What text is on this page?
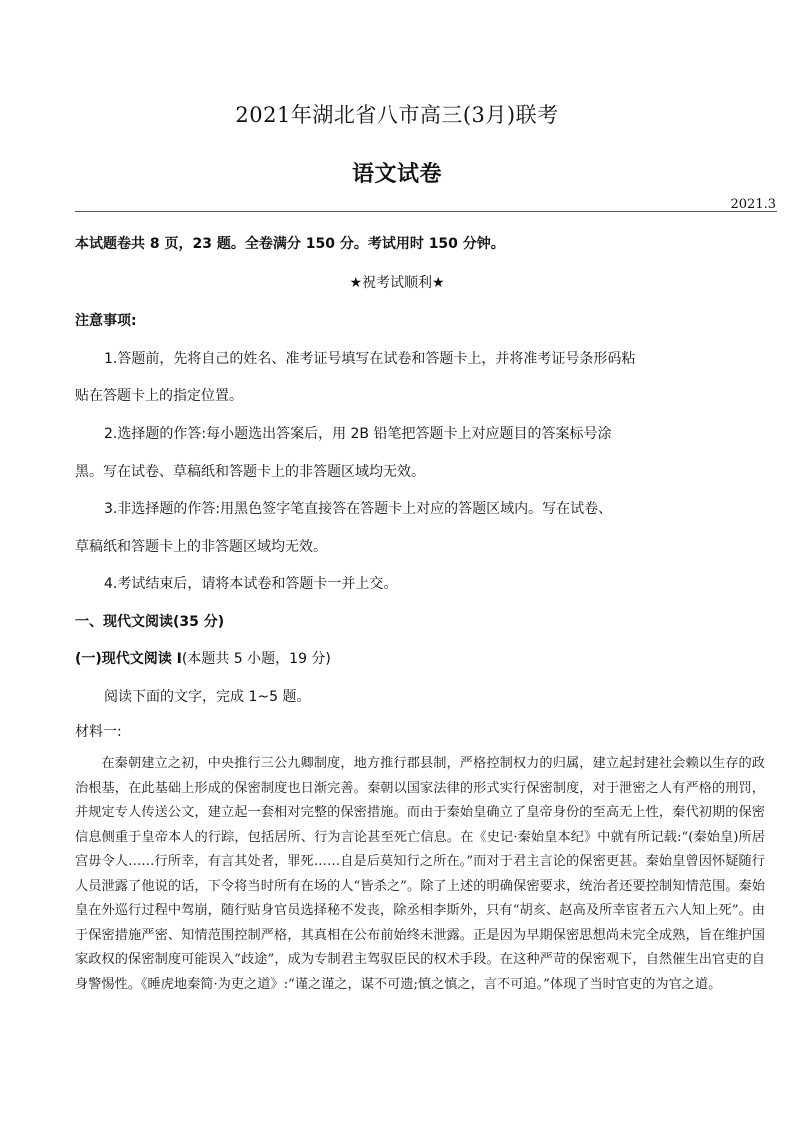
2021年湖北省八市高三(3月)联考
语文试卷
2021.3
本试题卷共 8 页，23 题。全卷满分 150 分。考试用时 150 分钟。
★祝考试顺利★
注意事项:
1.答题前，先将自己的姓名、准考证号填写在试卷和答题卡上，并将准考证号条形码粘
贴在答题卡上的指定位置。
2.选择题的作答:每小题选出答案后，用 2B 铅笔把答题卡上对应题目的答案标号涂
黑。写在试卷、草稿纸和答题卡上的非答题区域均无效。
3.非选择题的作答:用黑色签字笔直接答在答题卡上对应的答题区域内。写在试卷、
草稿纸和答题卡上的非答题区域均无效。
4.考试结束后，请将本试卷和答题卡一并上交。
一、现代文阅读(35 分)
(一)现代文阅读 I(本题共 5 小题，19 分)
阅读下面的文字，完成 1~5 题。
材料一:
在秦朝建立之初，中央推行三公九卿制度，地方推行郡县制，严格控制权力的归属，建立起封建社会赖以生存的政治根基，在此基础上形成的保密制度也日渐完善。秦朝以国家法律的形式实行保密制度，对于泄密之人有严格的刑罚，并规定专人传送公文，建立起一套相对完整的保密措施。而由于秦始皇确立了皇帝身份的至高无上性，秦代初期的保密信息侧重于皇帝本人的行踪，包括居所、行为言论甚至死亡信息。在《史记·秦始皇本纪》中就有所记载:“(秦始皇)所居宫毋令人……行所幸，有言其处者，罪死……自是后莫知行之所在。”而对于君主言论的保密更甚。秦始皇曾因怀疑随行人员泄露了他说的话，下令将当时所有在场的人“皆杀之”。除了上述的明确保密要求，统治者还要控制知情范围。秦始皇在外巡行过程中驾崩，随行贴身官员选择秘不发丧，除丞相李斯外，只有“胡亥、赵高及所幸宦者五六人知上死”。由于保密措施严密、知情范围控制严格，其真相在公布前始终未泄露。正是因为早期保密思想尚未完全成熟，旨在维护国家政权的保密制度可能误入“歧途”，成为专制君主驾驭臣民的权术手段。在这种严苛的保密观下，自然催生出官吏的自身警惕性。《睡虎地秦简·为吏之道》:“谨之谨之，谋不可遗;慎之慎之，言不可追。”体现了当时官吏的为官之道。
